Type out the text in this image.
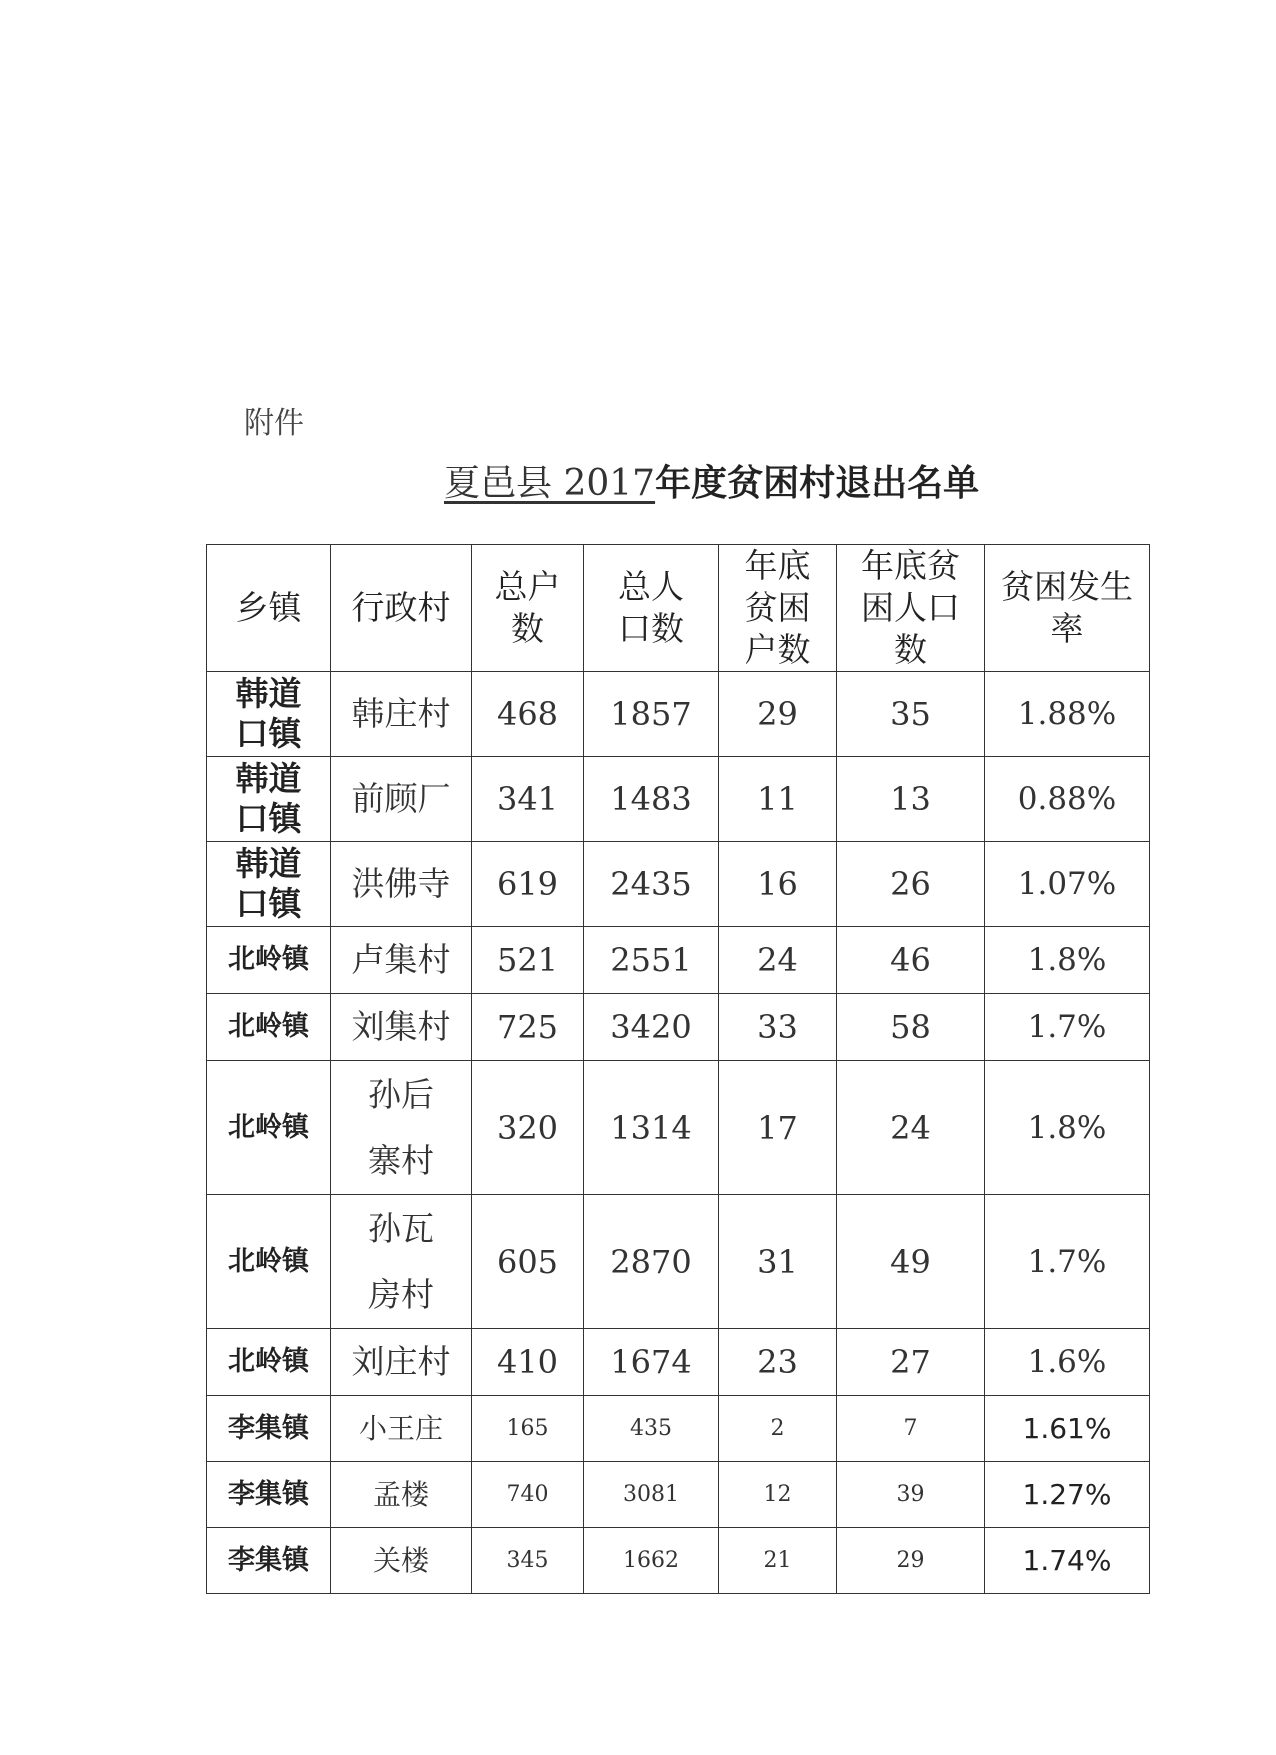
附件
夏邑县 2017年度贫困村退出名单
乡镇	行政村	总户数	总人口数	年底贫困户数	年底贫困人口数	贫困发生率
韩道口镇	韩庄村	468	1857	29	35	1.88%
韩道口镇	前顾厂	341	1483	11	13	0.88%
韩道口镇	洪佛寺	619	2435	16	26	1.07%
北岭镇	卢集村	521	2551	24	46	1.8%
北岭镇	刘集村	725	3420	33	58	1.7%
北岭镇	孙后寨村	320	1314	17	24	1.8%
北岭镇	孙瓦房村	605	2870	31	49	1.7%
北岭镇	刘庄村	410	1674	23	27	1.6%
李集镇	小王庄	165	435	2	7	1.61%
李集镇	孟楼	740	3081	12	39	1.27%
李集镇	关楼	345	1662	21	29	1.74%
